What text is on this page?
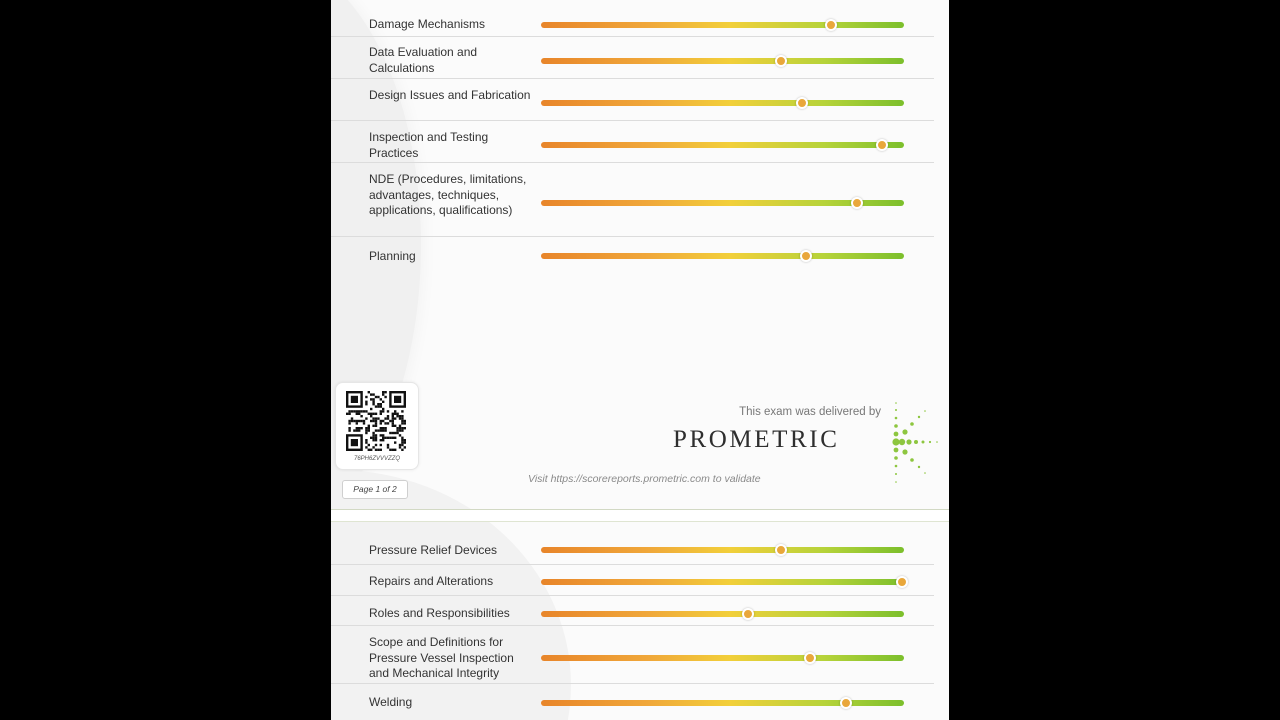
Damage Mechanisms
Data Evaluation and Calculations
Design Issues and Fabrication
Inspection and Testing Practices
NDE (Procedures, limitations, advantages, techniques, applications, qualifications)
Planning
76PH6ZVVVZZQ
Page 1 of 2
This exam was delivered by
PROMETRIC
Visit https://scorereports.prometric.com to validate
Pressure Relief Devices
Repairs and Alterations
Roles and Responsibilities
Scope and Definitions for Pressure Vessel Inspection and Mechanical Integrity
Welding
